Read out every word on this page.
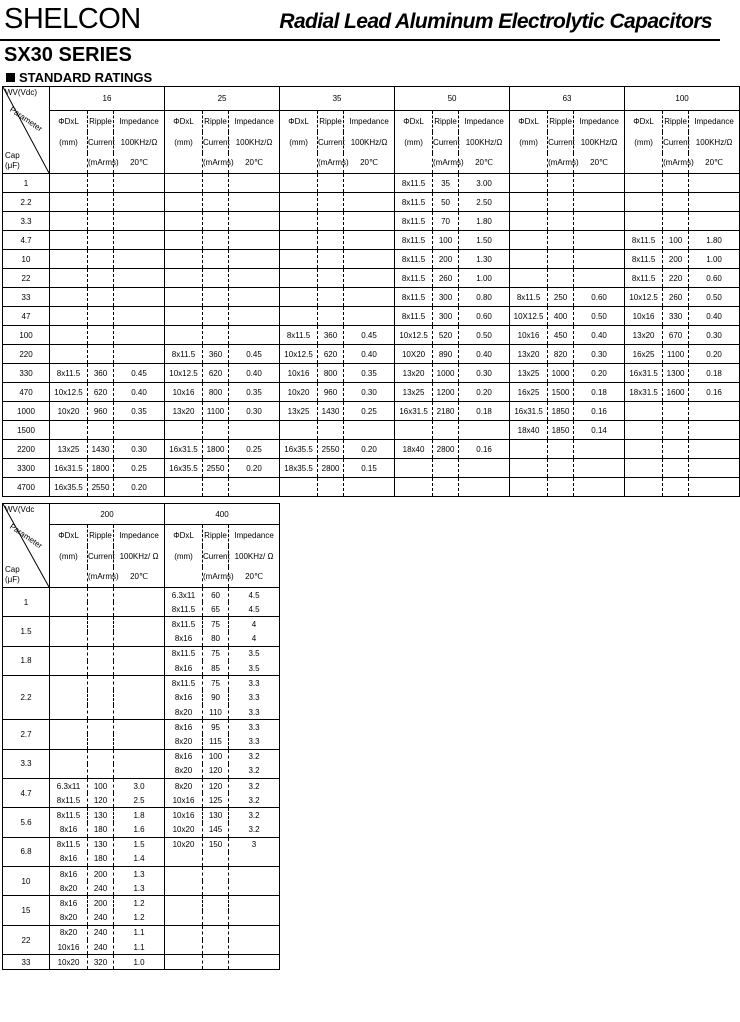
SHELCON	Radial Lead Aluminum Electrolytic Capacitors
SX30 SERIES
STANDARD RATINGS
WV(Vdc)
Parameter
Cap
(μF)	16			25			35			50			63			100		
	ΦDxL	Ripple	Impedance	ΦDxL	Ripple	Impedance	ΦDxL	Ripple	Impedance	ΦDxL	Ripple	Impedance	ΦDxL	Ripple	Impedance	ΦDxL	Ripple	Impedance
	(mm)	Current	100KHz/Ω	(mm)	Current	100KHz/Ω	(mm)	Current	100KHz/Ω	(mm)	Current	100KHz/Ω	(mm)	Current	100KHz/Ω	(mm)	Current	100KHz/Ω
		(mArms)	20℃		(mArms)	20℃		(mArms)	20℃		(mArms)	20℃		(mArms)	20℃		(mArms)	20℃
1										8x11.5	35	3.00						
2.2										8x11.5	50	2.50						
3.3										8x11.5	70	1.80						
4.7										8x11.5	100	1.50				8x11.5	100	1.80
10										8x11.5	200	1.30				8x11.5	200	1.00
22										8x11.5	260	1.00				8x11.5	220	0.60
33										8x11.5	300	0.80	8x11.5	250	0.60	10x12.5	260	0.50
47										8x11.5	300	0.60	10X12.5	400	0.50	10x16	330	0.40
100							8x11.5	360	0.45	10x12.5	520	0.50	10x16	450	0.40	13x20	670	0.30
220				8x11.5	360	0.45	10x12.5	620	0.40	10X20	890	0.40	13x20	820	0.30	16x25	1100	0.20
330	8x11.5	360	0.45	10x12.5	620	0.40	10x16	800	0.35	13x20	1000	0.30	13x25	1000	0.20	16x31.5	1300	0.18
470	10x12.5	620	0.40	10x16	800	0.35	10x20	960	0.30	13x25	1200	0.20	16x25	1500	0.18	18x31.5	1600	0.16
1000	10x20	960	0.35	13x20	1100	0.30	13x25	1430	0.25	16x31.5	2180	0.18	16x31.5	1850	0.16			
1500													18x40	1850	0.14			
2200	13x25	1430	0.30	16x31.5	1800	0.25	16x35.5	2550	0.20	18x40	2800	0.16						
3300	16x31.5	1800	0.25	16x35.5	2550	0.20	18x35.5	2800	0.15									
4700	16x35.5	2550	0.20															
WV(Vdc
Parameter
Cap
(μF)	200			400		
	ΦDxL	Ripple	Impedance	ΦDxL	Ripple	Impedance
	(mm)	Current	100KHz/ Ω	(mm)	Current	100KHz/ Ω
		(mArms)	20℃		(mArms)	20℃
1				6.3x11	60	4.5
				8x11.5	65	4.5
1.5				8x11.5	75	4
				8x16	80	4
1.8				8x11.5	75	3.5
				8x16	85	3.5
2.2				8x11.5	75	3.3
				8x16	90	3.3
				8x20	110	3.3
2.7				8x16	95	3.3
				8x20	115	3.3
3.3				8x16	100	3.2
				8x20	120	3.2
4.7	6.3x11	100	3.0	8x20	120	3.2
	8x11.5	120	2.5	10x16	125	3.2
5.6	8x11.5	130	1.8	10x16	130	3.2
	8x16	180	1.6	10x20	145	3.2
6.8	8x11.5	130	1.5	10x20	150	3
	8x16	180	1.4			
10	8x16	200	1.3			
	8x20	240	1.3			
15	8x16	200	1.2			
	8x20	240	1.2			
22	8x20	240	1.1			
	10x16	240	1.1			
33	10x20	320	1.0			
